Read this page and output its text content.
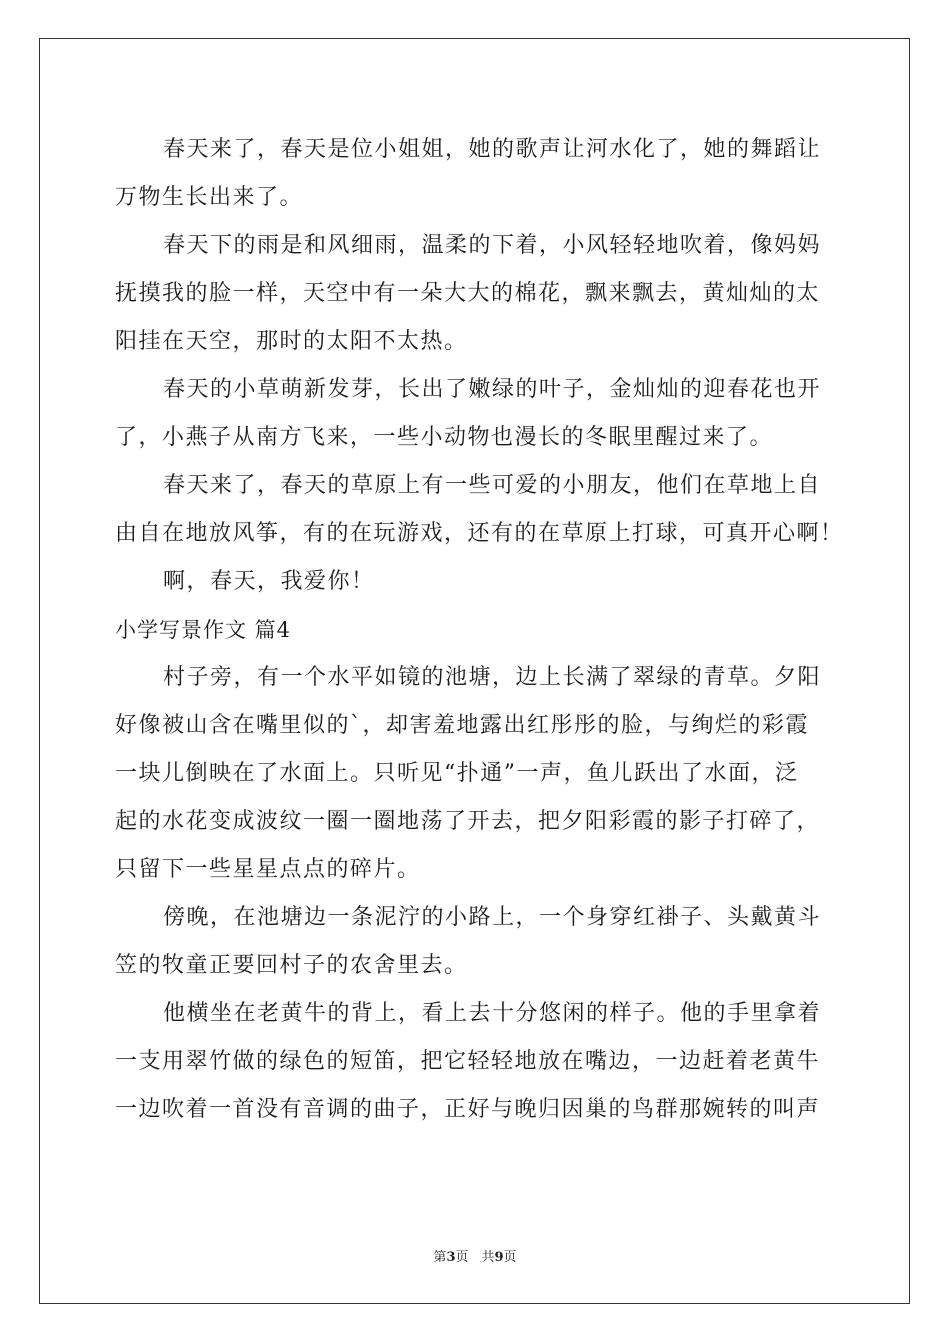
春天来了，春天是位小姐姐，她的歌声让河水化了，她的舞蹈让
万物生长出来了。
春天下的雨是和风细雨，温柔的下着，小风轻轻地吹着，像妈妈
抚摸我的脸一样，天空中有一朵大大的棉花，飘来飘去，黄灿灿的太
阳挂在天空，那时的太阳不太热。
春天的小草萌新发芽，长出了嫩绿的叶子，金灿灿的迎春花也开
了，小燕子从南方飞来，一些小动物也漫长的冬眠里醒过来了。
春天来了，春天的草原上有一些可爱的小朋友，他们在草地上自
由自在地放风筝，有的在玩游戏，还有的在草原上打球，可真开心啊！
啊，春天，我爱你！
小学写景作文 篇4
村子旁，有一个水平如镜的池塘，边上长满了翠绿的青草。夕阳
好像被山含在嘴里似的`，却害羞地露出红彤彤的脸，与绚烂的彩霞
一块儿倒映在了水面上。只听见“扑通”一声，鱼儿跃出了水面，泛
起的水花变成波纹一圈一圈地荡了开去，把夕阳彩霞的影子打碎了，
只留下一些星星点点的碎片。
傍晚，在池塘边一条泥泞的小路上，一个身穿红褂子、头戴黄斗
笠的牧童正要回村子的农舍里去。
他横坐在老黄牛的背上，看上去十分悠闲的样子。他的手里拿着
一支用翠竹做的绿色的短笛，把它轻轻地放在嘴边，一边赶着老黄牛
一边吹着一首没有音调的曲子，正好与晚归因巢的鸟群那婉转的叫声
第3页　共9页
